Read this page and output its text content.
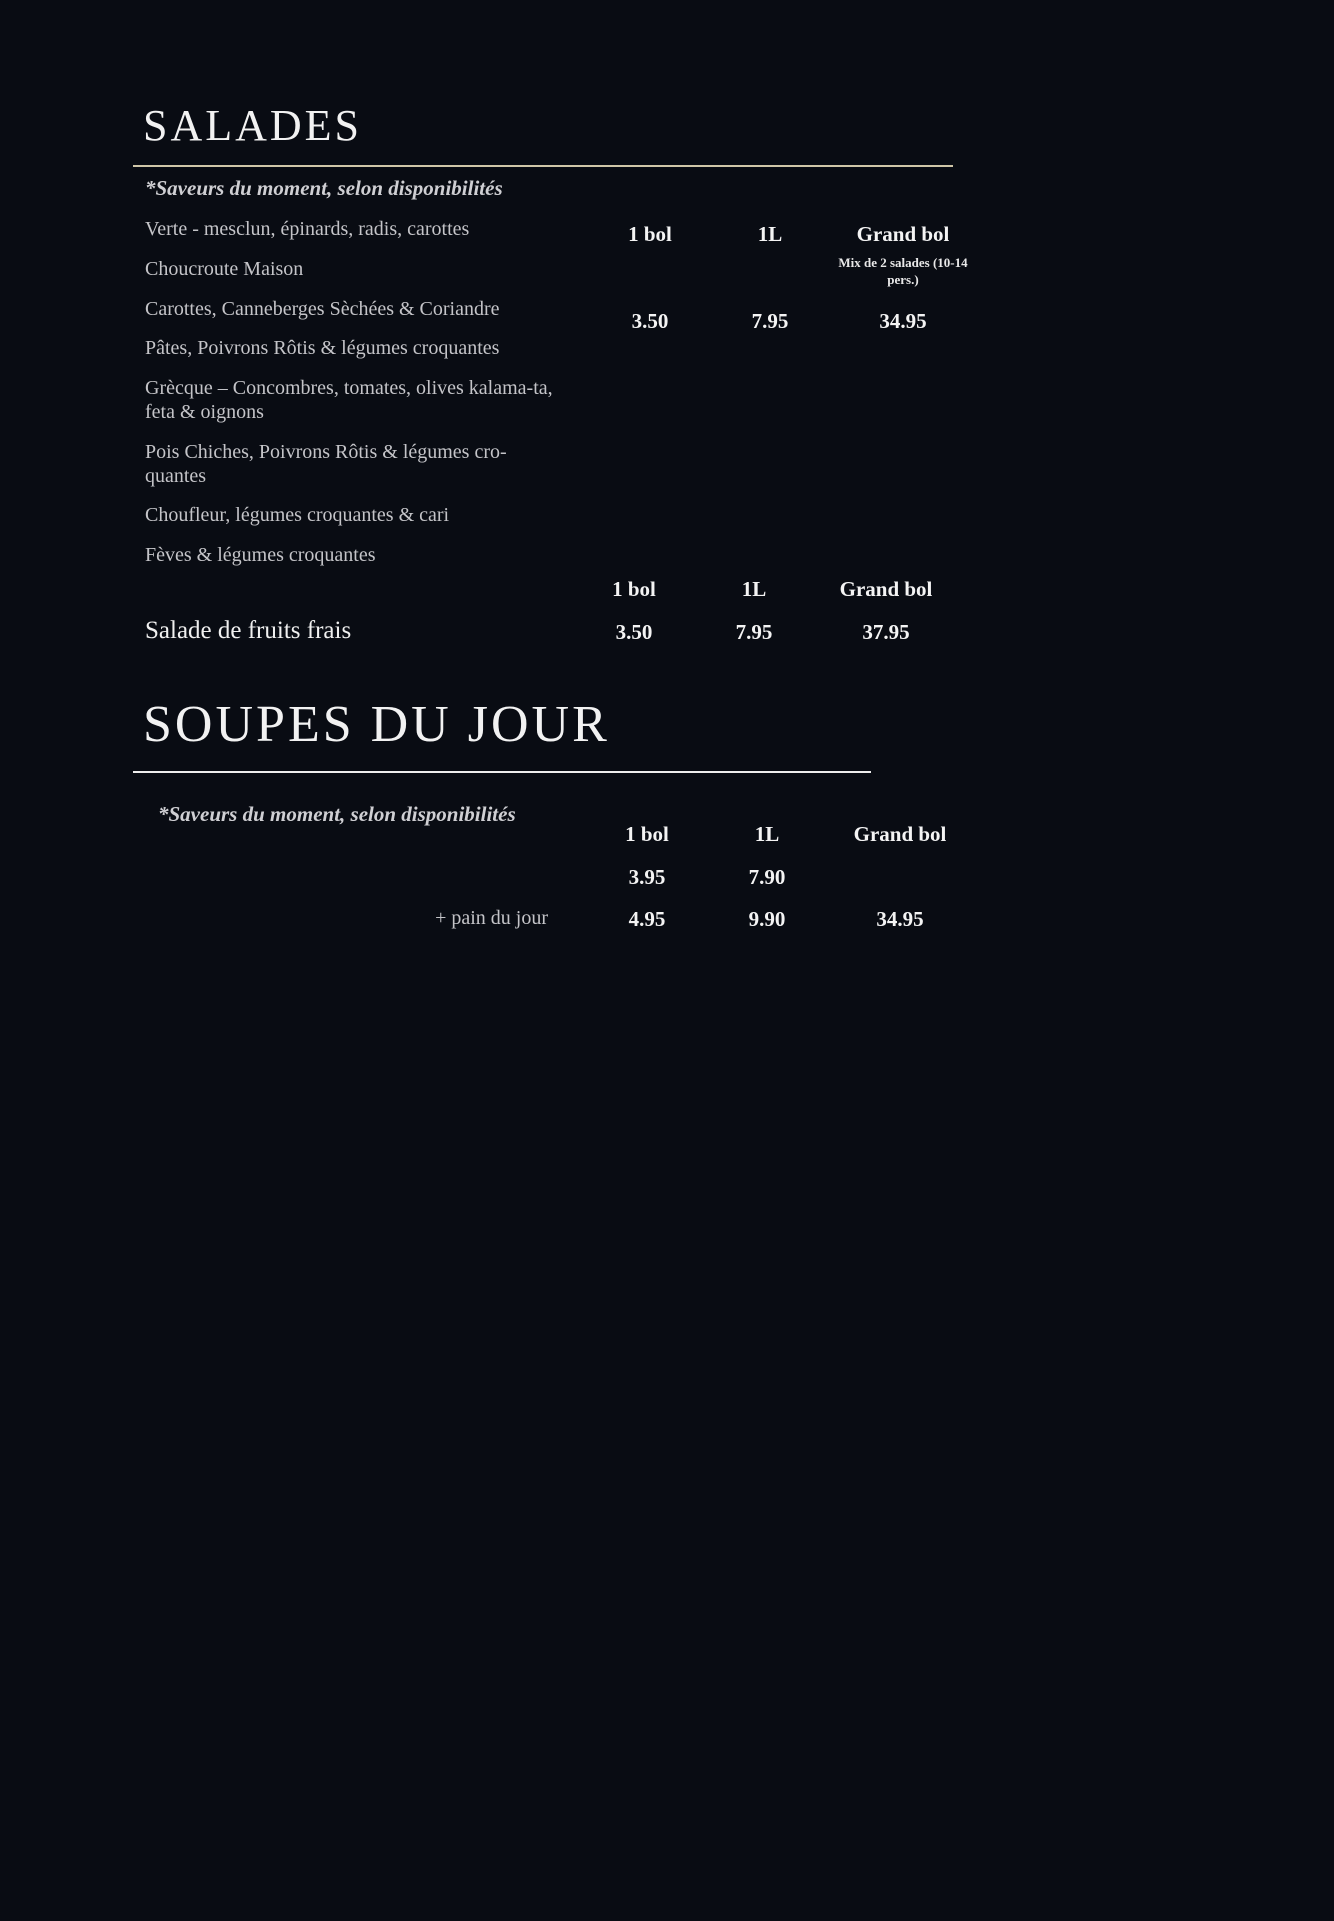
SALADES
*Saveurs du moment, selon disponibilités
Verte - mesclun, épinards, radis, carottes
Choucroute Maison
Carottes, Canneberges Sèchées & Coriandre
Pâtes, Poivrons Rôtis & légumes croquantes
Grècque – Concombres, tomates, olives kalama-ta, feta & oignons
Pois Chiches, Poivrons Rôtis & légumes cro-quantes
Choufleur, légumes croquantes & cari
Fèves & légumes croquantes
1 bol	1L	Grand bol
Mix de 2 salades (10-14 pers.)
3.50	7.95	34.95
1 bol	1L	Grand bol
Salade de fruits frais	3.50	7.95	37.95
SOUPES DU JOUR
*Saveurs du moment, selon disponibilités
1 bol	1L	Grand bol
3.95	7.90
+ pain du jour	4.95	9.90	34.95
